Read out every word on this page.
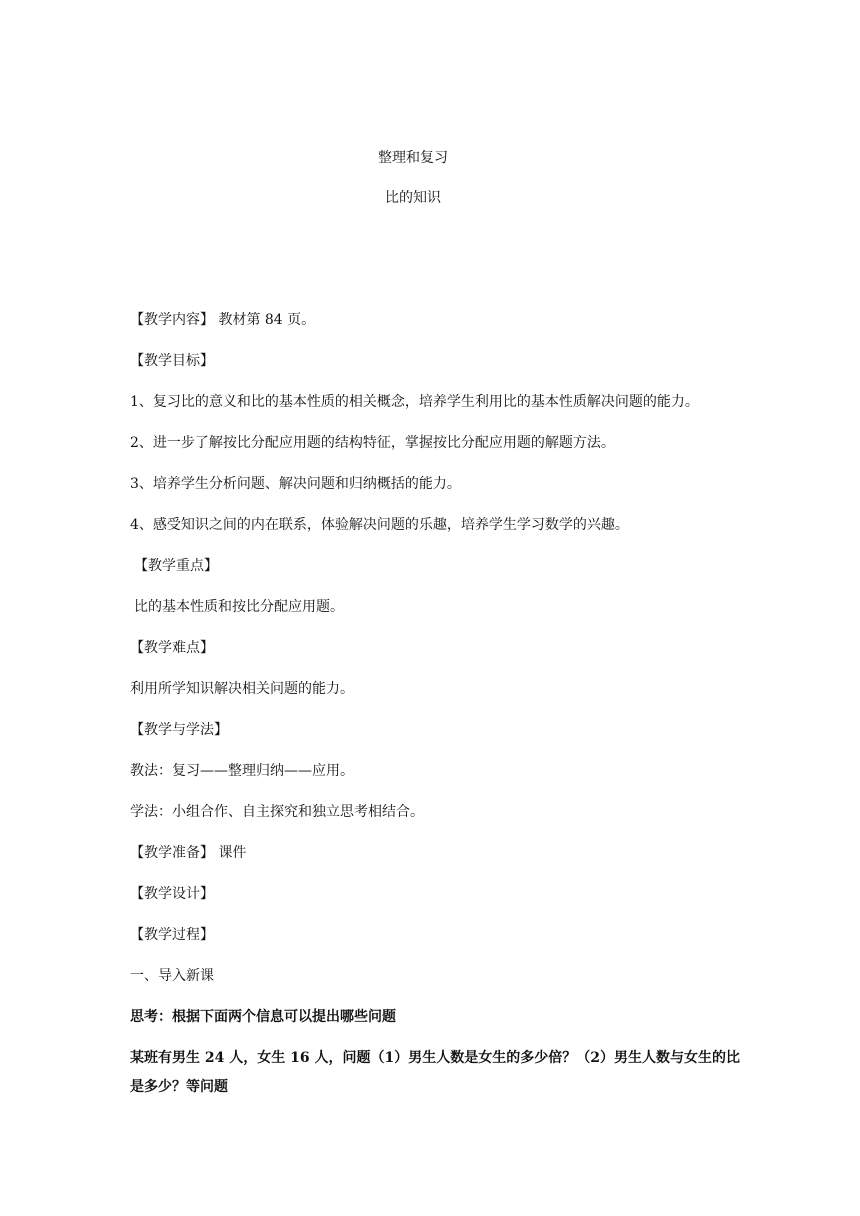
整理和复习
比的知识

【教学内容】 教材第 84 页。

【教学目标】

1、复习比的意义和比的基本性质的相关概念，培养学生利用比的基本性质解决问题的能力。

2、进一步了解按比分配应用题的结构特征，掌握按比分配应用题的解题方法。

3、培养学生分析问题、解决问题和归纳概括的能力。

4、感受知识之间的内在联系，体验解决问题的乐趣，培养学生学习数学的兴趣。

【教学重点】

比的基本性质和按比分配应用题。

【教学难点】

利用所学知识解决相关问题的能力。

【教学与学法】

教法：复习——整理归纳——应用。

学法：小组合作、自主探究和独立思考相结合。

【教学准备】 课件

【教学设计】

【教学过程】

一、导入新课

思考：根据下面两个信息可以提出哪些问题

某班有男生 24 人，女生 16 人，问题（1）男生人数是女生的多少倍？（2）男生人数与女生的比是多少？等问题
